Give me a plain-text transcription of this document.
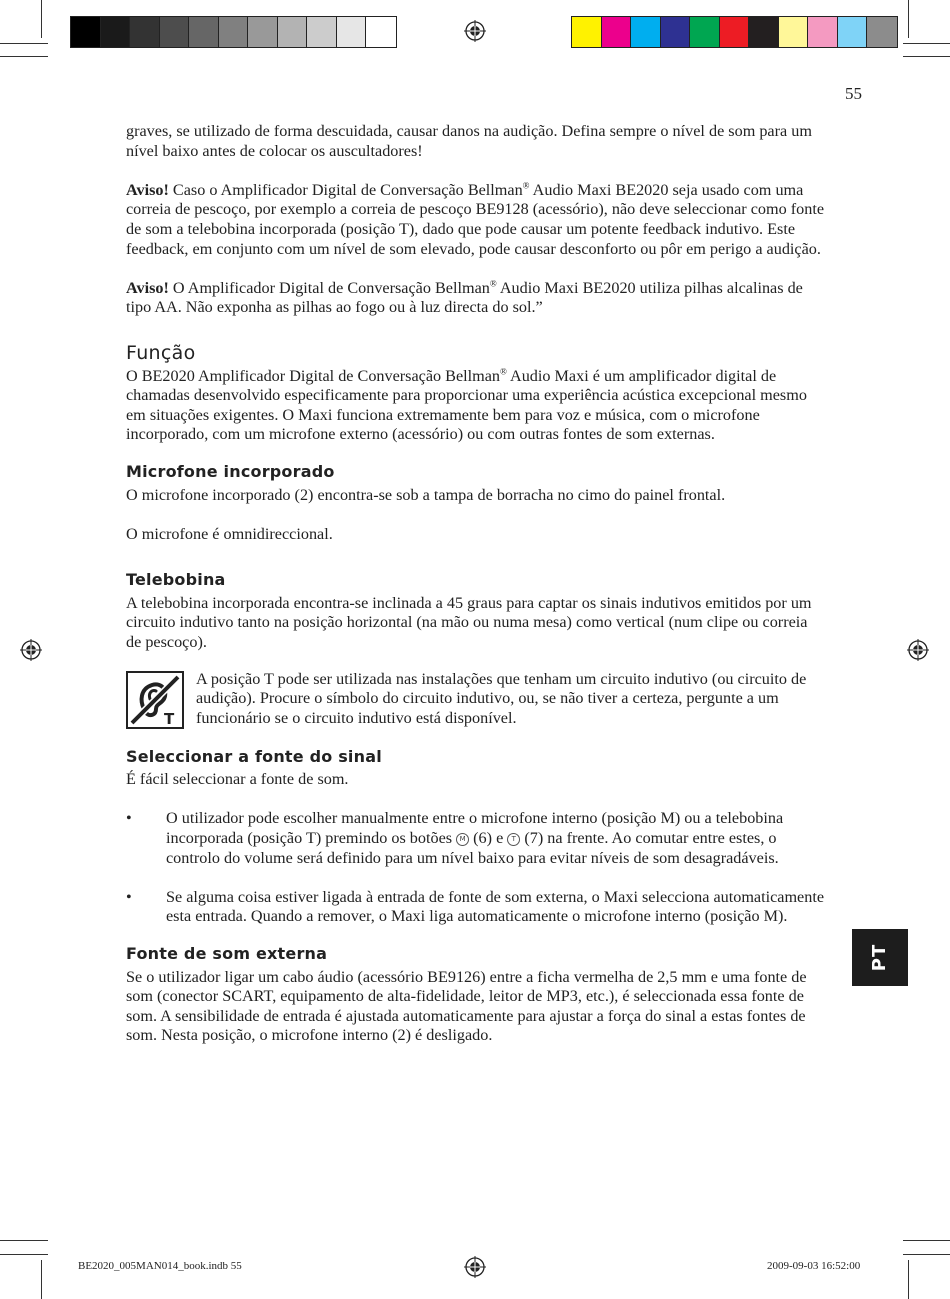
55

graves, se utilizado de forma descuidada, causar danos na audição. Defina sempre o nível de som para um nível baixo antes de colocar os auscultadores!

Aviso! Caso o Amplificador Digital de Conversação Bellman® Audio Maxi BE2020 seja usado com uma correia de pescoço, por exemplo a correia de pescoço BE9128 (acessório), não deve seleccionar como fonte de som a telebobina incorporada (posição T), dado que pode causar um potente feedback indutivo. Este feedback, em conjunto com um nível de som elevado, pode causar desconforto ou pôr em perigo a audição.

Aviso! O Amplificador Digital de Conversação Bellman® Audio Maxi BE2020 utiliza pilhas alcalinas de tipo AA. Não exponha as pilhas ao fogo ou à luz directa do sol.”

Função

O BE2020 Amplificador Digital de Conversação Bellman® Audio Maxi é um amplificador digital de chamadas desenvolvido especificamente para proporcionar uma experiência acústica excepcional mesmo em situações exigentes. O Maxi funciona extremamente bem para voz e música, com o microfone incorporado, com um microfone externo (acessório) ou com outras fontes de som externas.

Microfone incorporado

O microfone incorporado (2) encontra-se sob a tampa de borracha no cimo do painel frontal.

O microfone é omnidireccional.

Telebobina

A telebobina incorporada encontra-se inclinada a 45 graus para captar os sinais indutivos emitidos por um circuito indutivo tanto na posição horizontal (na mão ou numa mesa) como vertical (num clipe ou correia de pescoço).

T

A posição T pode ser utilizada nas instalações que tenham um circuito indutivo (ou circuito de audição). Procure o símbolo do circuito indutivo, ou, se não tiver a certeza, pergunte a um funcionário se o circuito indutivo está disponível.

Seleccionar a fonte do sinal

É fácil seleccionar a fonte de som.

•	O utilizador pode escolher manualmente entre o microfone interno (posição M) ou a telebobina incorporada (posição T) premindo os botões M (6) e T (7) na frente. Ao comutar entre estes, o controlo do volume será definido para um nível baixo para evitar níveis de som desagradáveis.

•	Se alguma coisa estiver ligada à entrada de fonte de som externa, o Maxi selecciona automaticamente esta entrada. Quando a remover, o Maxi liga automaticamente o microfone interno (posição M).

Fonte de som externa

Se o utilizador ligar um cabo áudio (acessório BE9126) entre a ficha vermelha de 2,5 mm e uma fonte de som (conector SCART, equipamento de alta-fidelidade, leitor de MP3, etc.), é seleccionada essa fonte de som. A sensibilidade de entrada é ajustada automaticamente para ajustar a força do sinal a estas fontes de som. Nesta posição, o microfone interno (2) é desligado.

PT
BE2020_005MAN014_book.indb 55	2009-09-03 16:52:00
